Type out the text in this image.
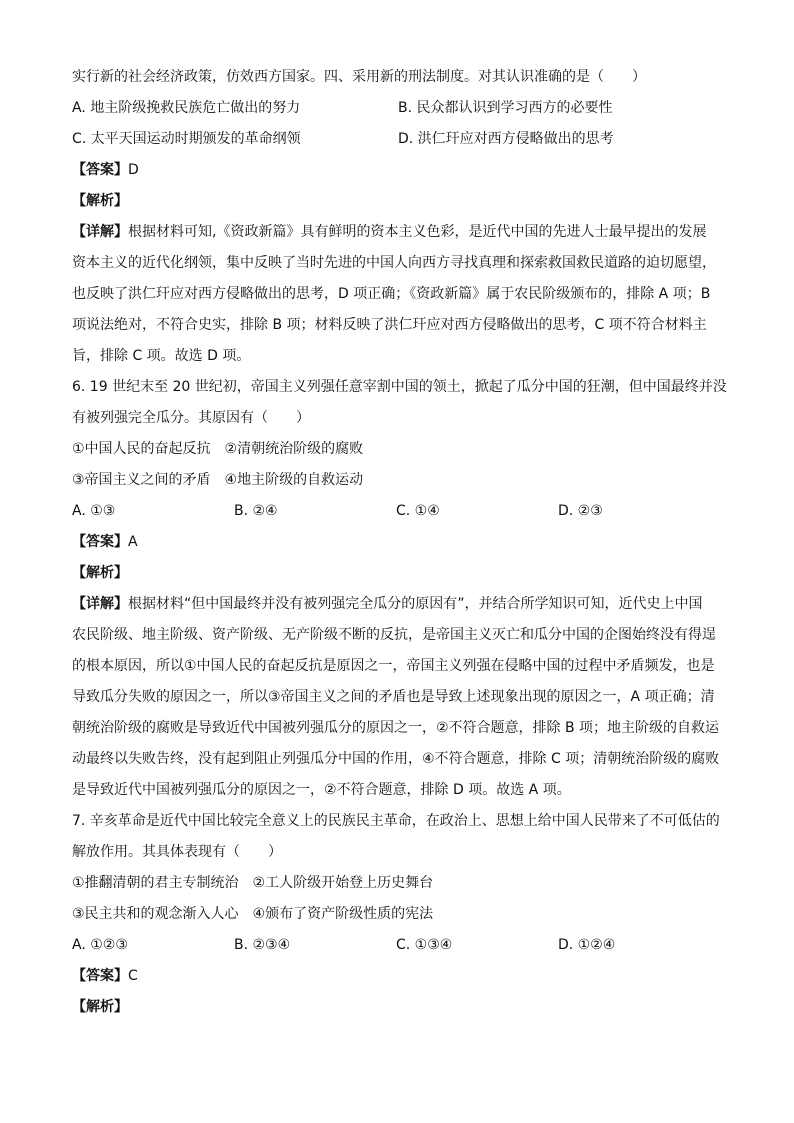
实行新的社会经济政策，仿效西方国家。四、采用新的刑法制度。对其认识准确的是（　　）
A. 地主阶级挽救民族危亡做出的努力	B. 民众都认识到学习西方的必要性
C. 太平天国运动时期颁发的革命纲领	D. 洪仁玕应对西方侵略做出的思考
【答案】D
【解析】
【详解】根据材料可知,《资政新篇》具有鲜明的资本主义色彩，是近代中国的先进人士最早提出的发展
资本主义的近代化纲领，集中反映了当时先进的中国人向西方寻找真理和探索救国救民道路的迫切愿望，
也反映了洪仁玕应对西方侵略做出的思考，D 项正确；《资政新篇》属于农民阶级颁布的，排除 A 项；B
项说法绝对，不符合史实，排除 B 项；材料反映了洪仁玕应对西方侵略做出的思考，C 项不符合材料主
旨，排除 C 项。故选 D 项。
6. 19 世纪末至 20 世纪初，帝国主义列强任意宰割中国的领土，掀起了瓜分中国的狂潮，但中国最终并没
有被列强完全瓜分。其原因有（　　）
①中国人民的奋起反抗　②清朝统治阶级的腐败
③帝国主义之间的矛盾　④地主阶级的自救运动
A. ①③	B. ②④	C. ①④	D. ②③
【答案】A
【解析】
【详解】根据材料“但中国最终并没有被列强完全瓜分的原因有”，并结合所学知识可知，近代史上中国
农民阶级、地主阶级、资产阶级、无产阶级不断的反抗，是帝国主义灭亡和瓜分中国的企图始终没有得逞
的根本原因，所以①中国人民的奋起反抗是原因之一，帝国主义列强在侵略中国的过程中矛盾频发，也是
导致瓜分失败的原因之一，所以③帝国主义之间的矛盾也是导致上述现象出现的原因之一，A 项正确；清
朝统治阶级的腐败是导致近代中国被列强瓜分的原因之一，②不符合题意，排除 B 项；地主阶级的自救运
动最终以失败告终，没有起到阻止列强瓜分中国的作用，④不符合题意，排除 C 项；清朝统治阶级的腐败
是导致近代中国被列强瓜分的原因之一，②不符合题意，排除 D 项。故选 A 项。
7. 辛亥革命是近代中国比较完全意义上的民族民主革命，在政治上、思想上给中国人民带来了不可低估的
解放作用。其具体表现有（　　）
①推翻清朝的君主专制统治　②工人阶级开始登上历史舞台
③民主共和的观念渐入人心　④颁布了资产阶级性质的宪法
A. ①②③	B. ②③④	C. ①③④	D. ①②④
【答案】C
【解析】
